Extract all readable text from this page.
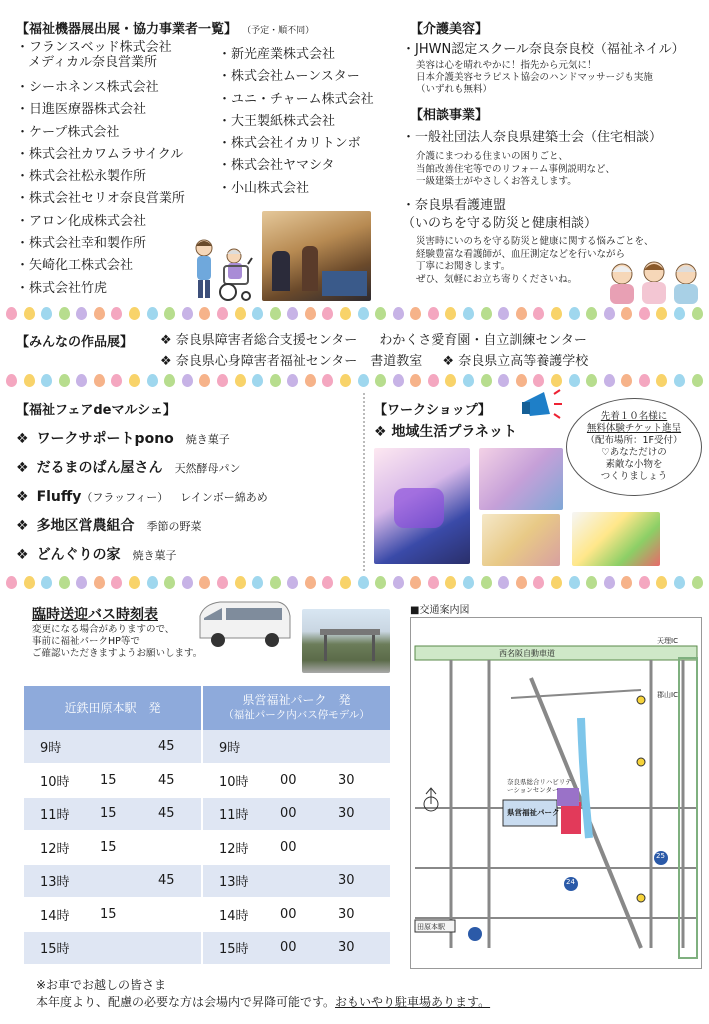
【福祉機器展出展・協力事業者一覧】 （予定・順不同）
・フランスベッド株式会社
メディカル奈良営業所
・シーホネンス株式会社
・日進医療器株式会社
・ケープ株式会社
・株式会社カワムラサイクル
・株式会社松永製作所
・株式会社セリオ奈良営業所
・アロン化成株式会社
・株式会社幸和製作所
・矢崎化工株式会社
・株式会社竹虎
・新光産業株式会社
・株式会社ムーンスター
・ユニ・チャーム株式会社
・大王製紙株式会社
・株式会社イカリトンボ
・株式会社ヤマシタ
・小山株式会社
【介護美容】
・JHWN認定スクール奈良奈良校（福祉ネイル）
美容は心を晴れやかに！指先から元気に！
日本介護美容セラピスト協会のハンドマッサージも実施
（いずれも無料）
【相談事業】
・一般社団法人奈良県建築士会（住宅相談）
介護にまつわる住まいの困りごと、
当館改善住宅等でのリフォーム事例説明など、
一級建築士がやさしくお答えします。
・奈良県看護連盟
（いのちを守る防災と健康相談）
災害時にいのちを守る防災と健康に関する悩みごとを、
経験豊富な看護師が、血圧測定などを行いながら
丁寧にお聞きします。
ぜひ、気軽にお立ち寄りくださいね。
【みんなの作品展】 ❖ 奈良県障害者総合支援センター わかくさ愛育園・自立訓練センター
❖ 奈良県心身障害者福祉センター　書道教室 ❖ 奈良県立高等養護学校
【福祉フェアdeマルシェ】
❖ ワークサポートpono 焼き菓子
❖ だるまのぱん屋さん 天然酵母パン
❖ Fluffy（フラッフィー） レインボー綿あめ
❖ 多地区営農組合 季節の野菜
❖ どんぐりの家 焼き菓子
【ワークショップ】
❖ 地域生活プラネット
先着１０名様に
無料体験チケット進呈
（配布場所：1F受付）
♡あなただけの
素敵な小物を
つくりましょう
臨時送迎バス時刻表
変更になる場合がありますので、
事前に福祉パークHP等で
ご確認いただきますようお願いします。
近鉄田原本駅　発			県営福祉パーク　発
（福祉パーク内バス停モデル）		

9時		45	9時		
10時	15	45	10時	00	30
11時	15	45	11時	00	30
12時	15		12時	00	
13時		45	13時		30
14時	15		14時	00	30
15時			15時	00	30
■交通案内図
西名阪自動車道
県営福祉パーク
奈良県総合リハビリテーションセンター
天理IC
郡山IC
24
25
田原本駅
※お車でお越しの皆さま
本年度より、配慮の必要な方は会場内で昇降可能です。おもいやり駐車場あります。
